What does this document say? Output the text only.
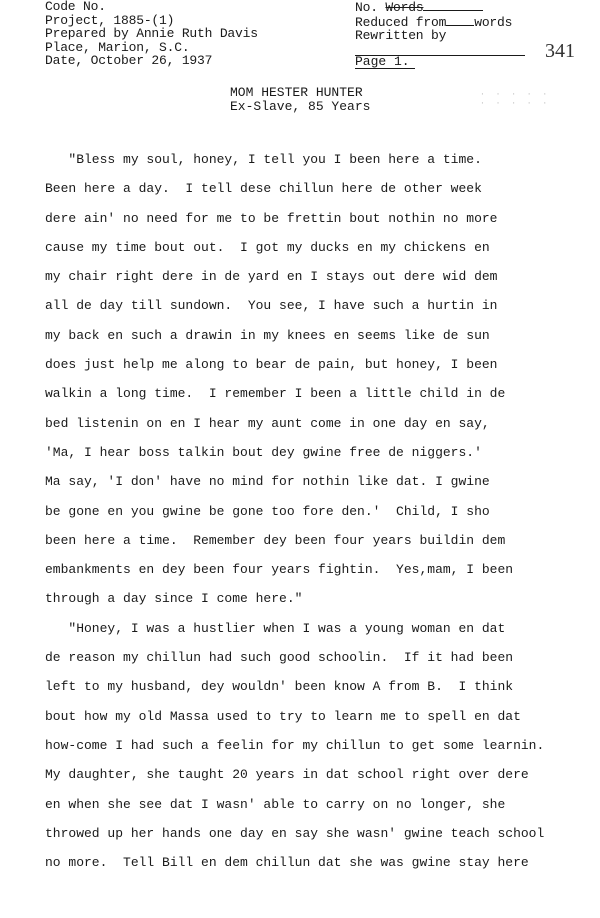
Code No.
Project, 1885-(1)
Prepared by Annie Ruth Davis
Place, Marion, S.C.
Date, October 26, 1937
No. Words
Reduced from words
Rewritten by
Page 1.	341
MOM HESTER HUNTER
Ex-Slave, 85 Years
· · · · ·
· · · · ·
"Bless my soul, honey, I tell you I been here a time.
Been here a day.  I tell dese chillun here de other week
dere ain' no need for me to be frettin bout nothin no more
cause my time bout out.  I got my ducks en my chickens en
my chair right dere in de yard en I stays out dere wid dem
all de day till sundown.  You see, I have such a hurtin in
my back en such a drawin in my knees en seems like de sun
does just help me along to bear de pain, but honey, I been
walkin a long time.  I remember I been a little child in de
bed listenin on en I hear my aunt come in one day en say,
'Ma, I hear boss talkin bout dey gwine free de niggers.'
Ma say, 'I don' have no mind for nothin like dat. I gwine
be gone en you gwine be gone too fore den.'  Child, I sho
been here a time.  Remember dey been four years buildin dem
embankments en dey been four years fightin.  Yes,mam, I been
through a day since I come here."
"Honey, I was a hustlier when I was a young woman en dat
de reason my chillun had such good schoolin.  If it had been
left to my husband, dey wouldn' been know A from B.  I think
bout how my old Massa used to try to learn me to spell en dat
how-come I had such a feelin for my chillun to get some learnin.
My daughter, she taught 20 years in dat school right over dere
en when she see dat I wasn' able to carry on no longer, she
throwed up her hands one day en say she wasn' gwine teach school
no more.  Tell Bill en dem chillun dat she was gwine stay here
